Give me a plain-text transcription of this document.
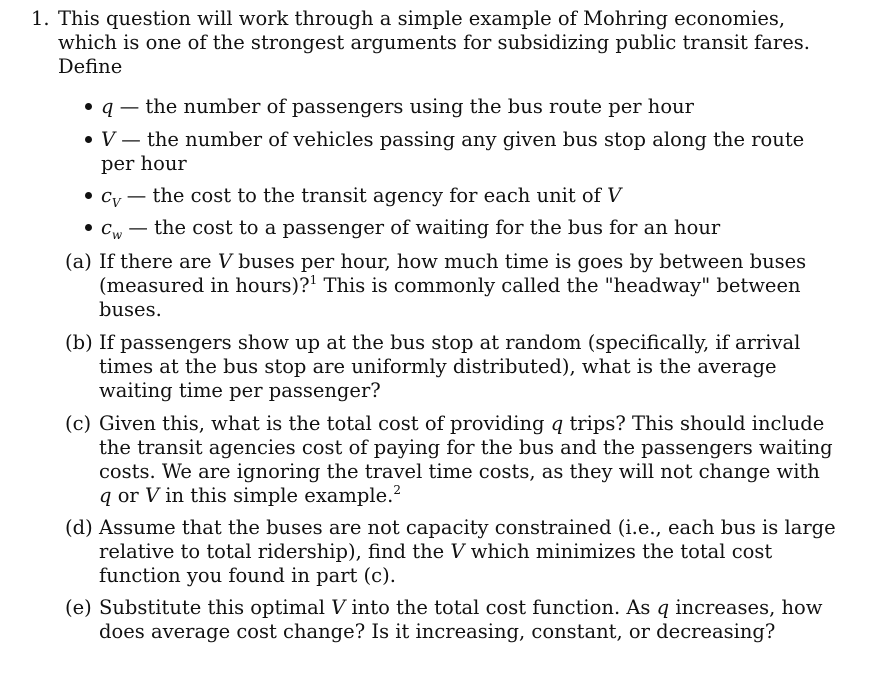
1. This question will work through a simple example of Mohring economies,
which is one of the strongest arguments for subsidizing public transit fares.
Define
q — the number of passengers using the bus route per hour
V — the number of vehicles passing any given bus stop along the route
per hour
$c_V$ — the cost to the transit agency for each unit of V
$c_w$ — the cost to a passenger of waiting for the bus for an hour
(a) If there are V buses per hour, how much time is goes by between buses
(measured in hours)?$^1$ This is commonly called the "headway" between
buses.
(b) If passengers show up at the bus stop at random (specifically, if arrival
times at the bus stop are uniformly distributed), what is the average
waiting time per passenger?
(c) Given this, what is the total cost of providing q trips? This should include
the transit agencies cost of paying for the bus and the passengers waiting
costs. We are ignoring the travel time costs, as they will not change with
q or V in this simple example.$^2$
(d) Assume that the buses are not capacity constrained (i.e., each bus is large
relative to total ridership), find the V which minimizes the total cost
function you found in part (c).
(e) Substitute this optimal V into the total cost function. As q increases, how
does average cost change? Is it increasing, constant, or decreasing?
